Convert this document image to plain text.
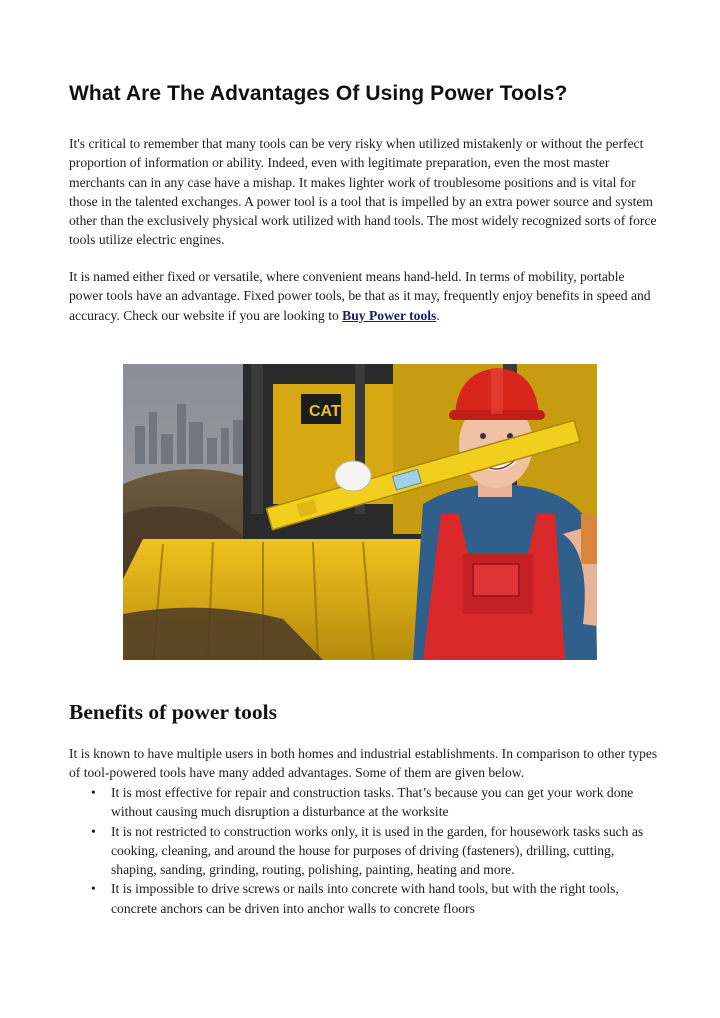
What Are The Advantages Of Using Power Tools?

It's critical to remember that many tools can be very risky when utilized mistakenly or without the perfect proportion of information or ability. Indeed, even with legitimate preparation, even the most master merchants can in any case have a mishap. It makes lighter work of troublesome positions and is vital for those in the talented exchanges. A power tool is a tool that is impelled by an extra power source and system other than the exclusively physical work utilized with hand tools. The most widely recognized sorts of force tools utilize electric engines.

It is named either fixed or versatile, where convenient means hand-held. In terms of mobility, portable power tools have an advantage. Fixed power tools, be that as it may, frequently enjoy benefits in speed and accuracy. Check our website if you are looking to Buy Power tools.

CAT
Benefits of power tools

It is known to have multiple users in both homes and industrial establishments. In comparison to other types of tool-powered tools have many added advantages. Some of them are given below.

• It is most effective for repair and construction tasks. That’s because you can get your work done without causing much disruption a disturbance at the worksite
• It is not restricted to construction works only, it is used in the garden, for housework tasks such as cooking, cleaning, and around the house for purposes of driving (fasteners), drilling, cutting, shaping, sanding, grinding, routing, polishing, painting, heating and more.
• It is impossible to drive screws or nails into concrete with hand tools, but with the right tools, concrete anchors can be driven into anchor walls to concrete floors
